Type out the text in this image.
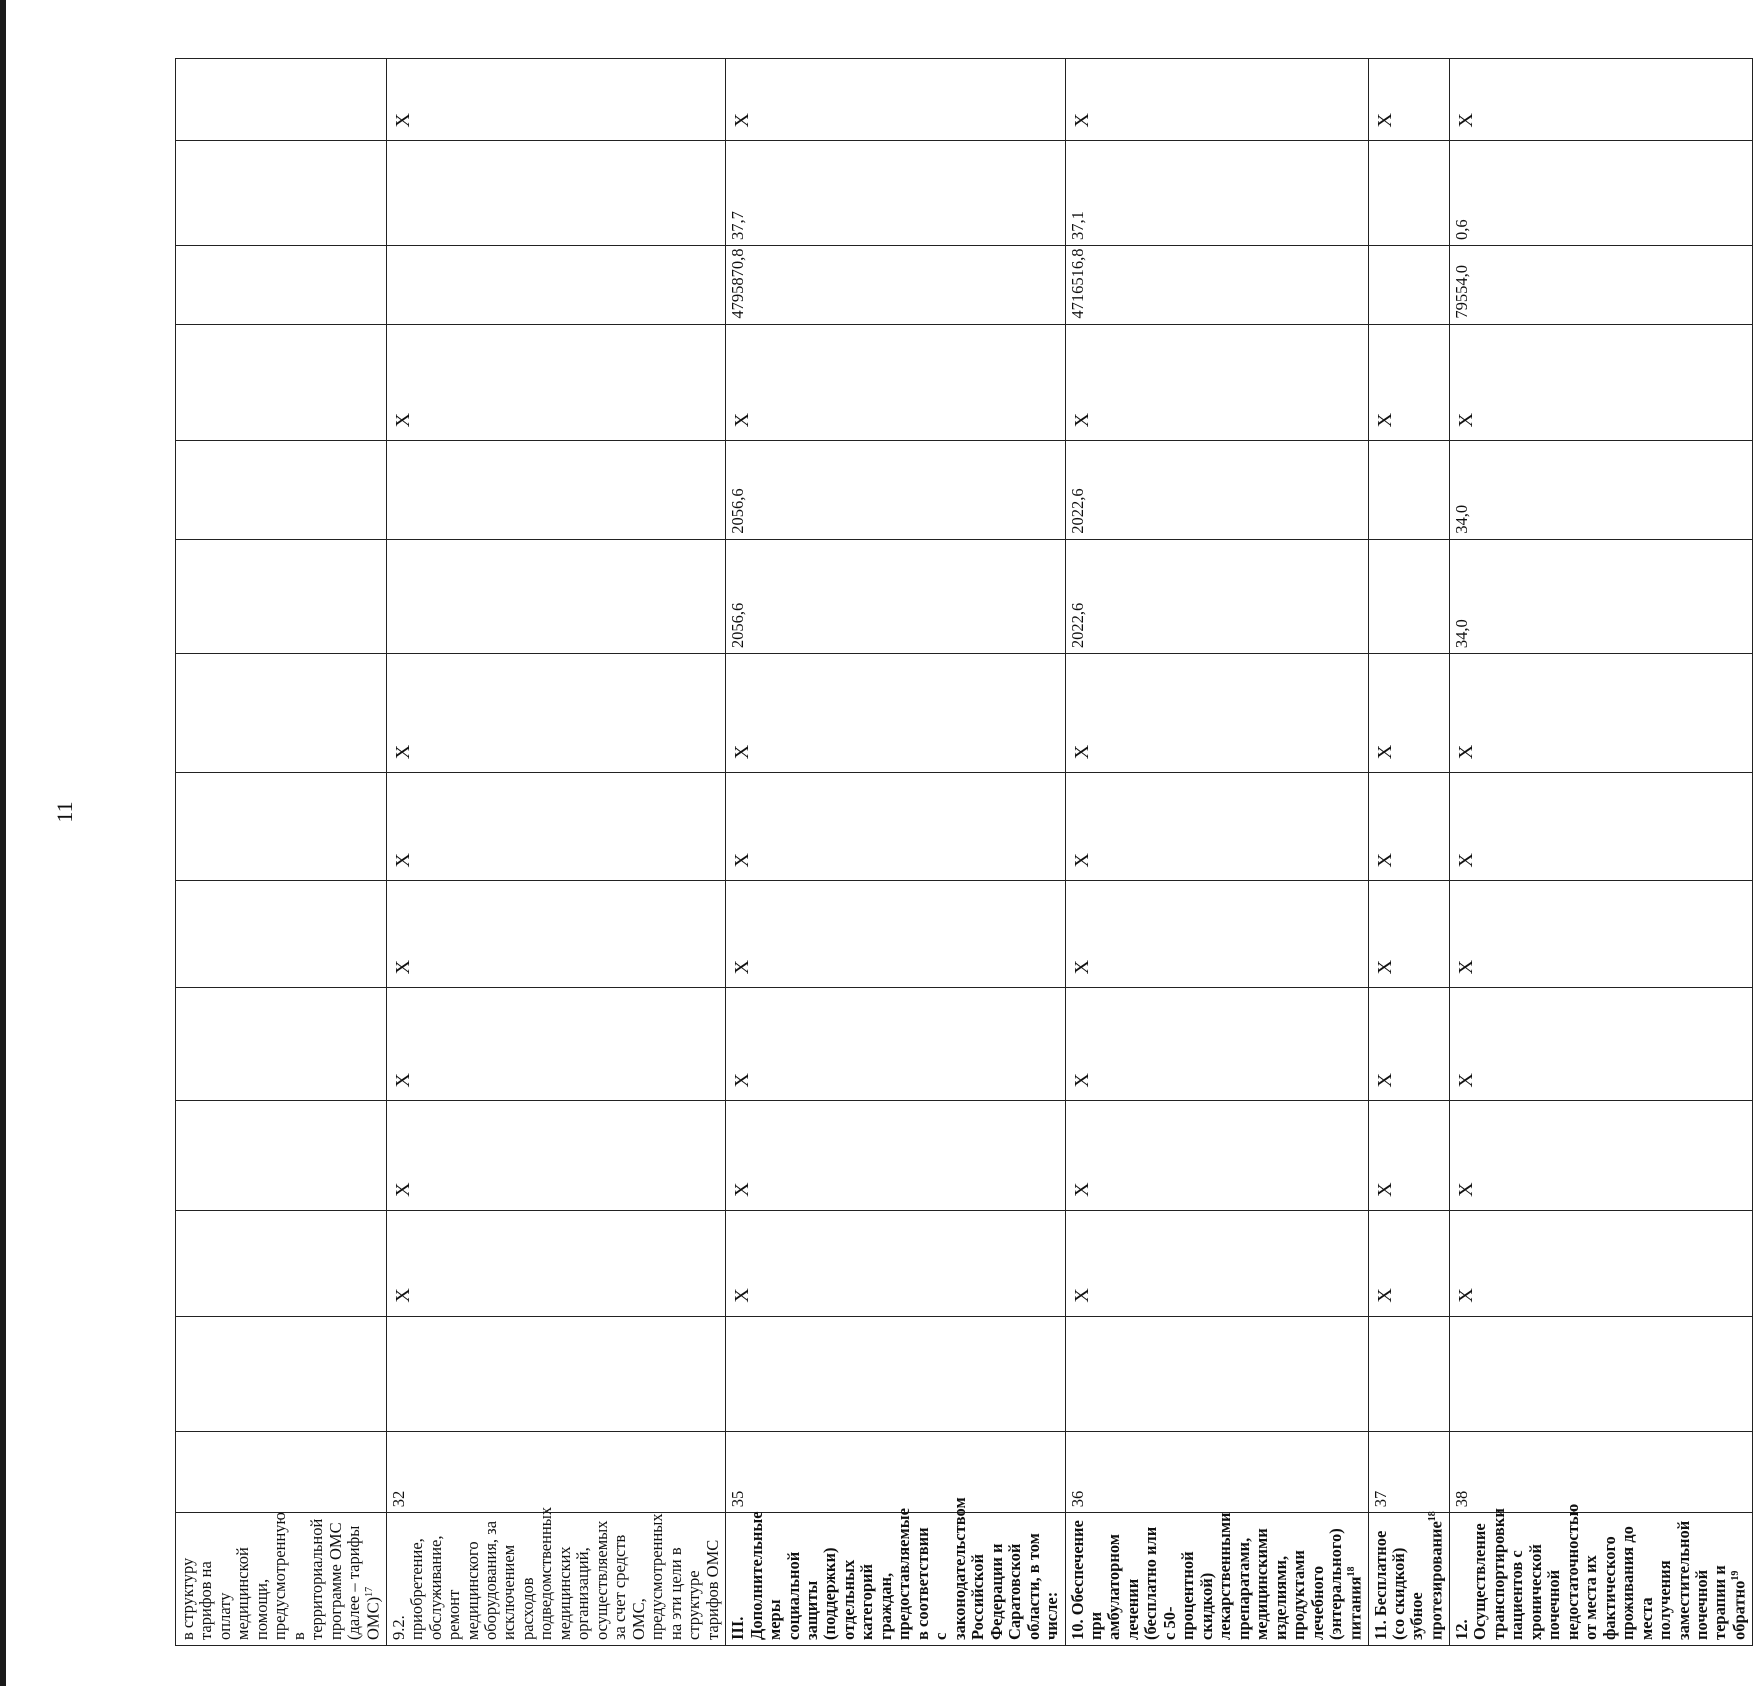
11
в структуру тарифов на оплату медицинской помощи, предусмотренную в территориальной программе ОМС (далее – тарифы ОМС)$^{17}$														
9.2. приобретение, обслуживание, ремонт медицинского оборудования, за исключением расходов подведомственных медицинских организаций, осуществляемых за счет средств ОМС, предусмотренных на эти цели в структуре тарифов ОМС	32		X	X	X	X	X	X			X			X
III. Дополнительные меры социальной защиты (поддержки) отдельных категорий граждан, предоставляемые в соответствии с законодательством Российской Федерации и Саратовской области, в том числе:	35		X	X	X	X	X	X	2056,6	2056,6	X	4795870,8	37,7	X
10. Обеспечение при амбулаторном лечении (бесплатно или с 50-процентной скидкой) лекарственными препаратами, медицинскими изделиями, продуктами лечебного (энтерального) питания$^{18}$	36		X	X	X	X	X	X	2022,6	2022,6	X	4716516,8	37,1	X
11. Бесплатное (со скидкой) зубное протезирование$^{18}$	37		X	X	X	X	X	X			X			X
12. Осуществление транспортировки пациентов с хронической почечной недостаточностью от места их фактического проживания до места получения заместительной почечной терапии и обратно$^{19}$	38		X	X	X	X	X	X	34,0	34,0	X	79554,0	0,6	X
